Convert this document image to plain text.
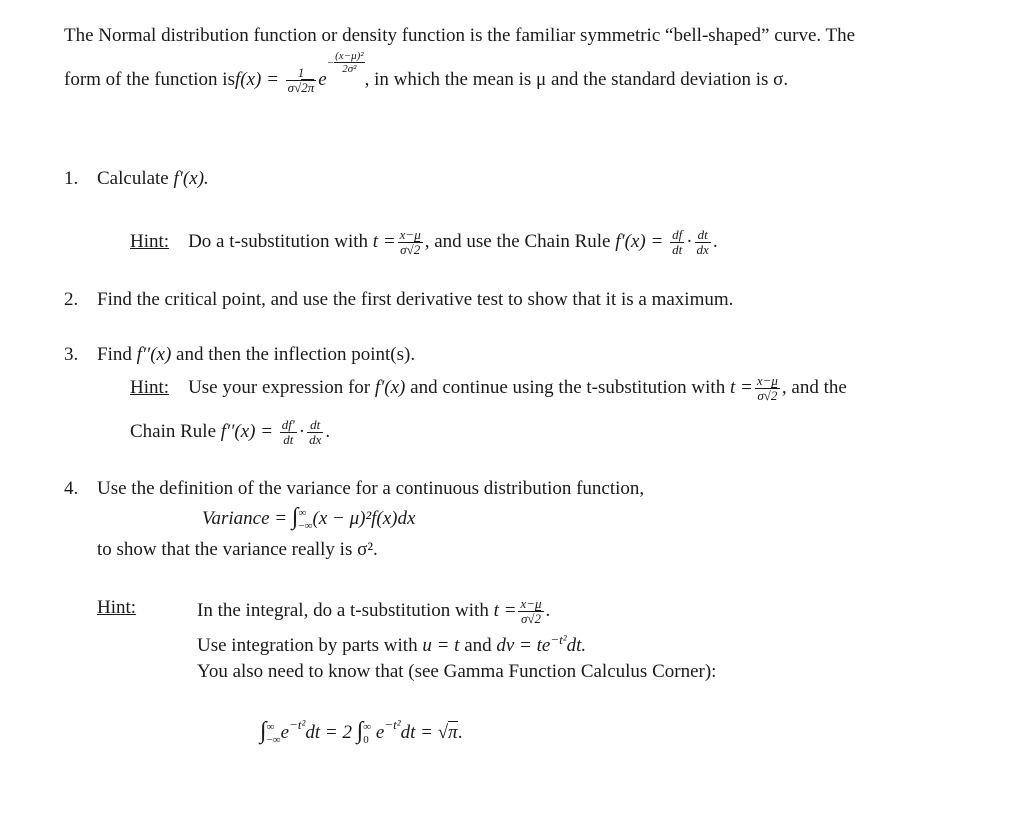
The Normal distribution function or density function is the familiar symmetric “bell-shaped” curve. The
form of the function $isf(x) = \frac{1}{\sigma√2\pi} e- \frac{\text{(x−μ)²}}{\text{2σ²}}$
, in which the mean is μ and the standard deviation is σ.
1. Calculate f′(x).
Hint: Do a t-substitution with $t = \frac{x-\mu}{\sigma√2}$ , and use the Chain Rule $f'(x) = \frac{df}{dt} \cdot \frac{dt}{dx}$ .
2. Find the critical point, and use the first derivative test to show that it is a maximum.
3. Find f′′(x) and then the inflection point(s).
Hint: Use your expression for f′(x) and continue using the t-substitution with $t = \frac{x-\mu}{\sigma√2}$ , and the
Chain Rule $f''(x) = \frac{df'}{dt} \cdot \frac{dt}{dx}$ .
4. Use the definition of the variance for a continuous distribution function,
Variance = ∫ ∞
−∞ (x − μ)²f(x)dx
to show that the variance really is σ².
Hint:	In the integral, do a t-substitution with $t = \frac{x-\mu}{\sigma√2}$ .
Use integration by parts with u = t and dv = $te^{-t^2}dt$.
You also need to know that (see Gamma Function Calculus Corner):
∫ ∞
−∞ $e^{-t^2}dt = 2$ ∫ ∞
0 $e^{-t^2}dt = √\pi$.
